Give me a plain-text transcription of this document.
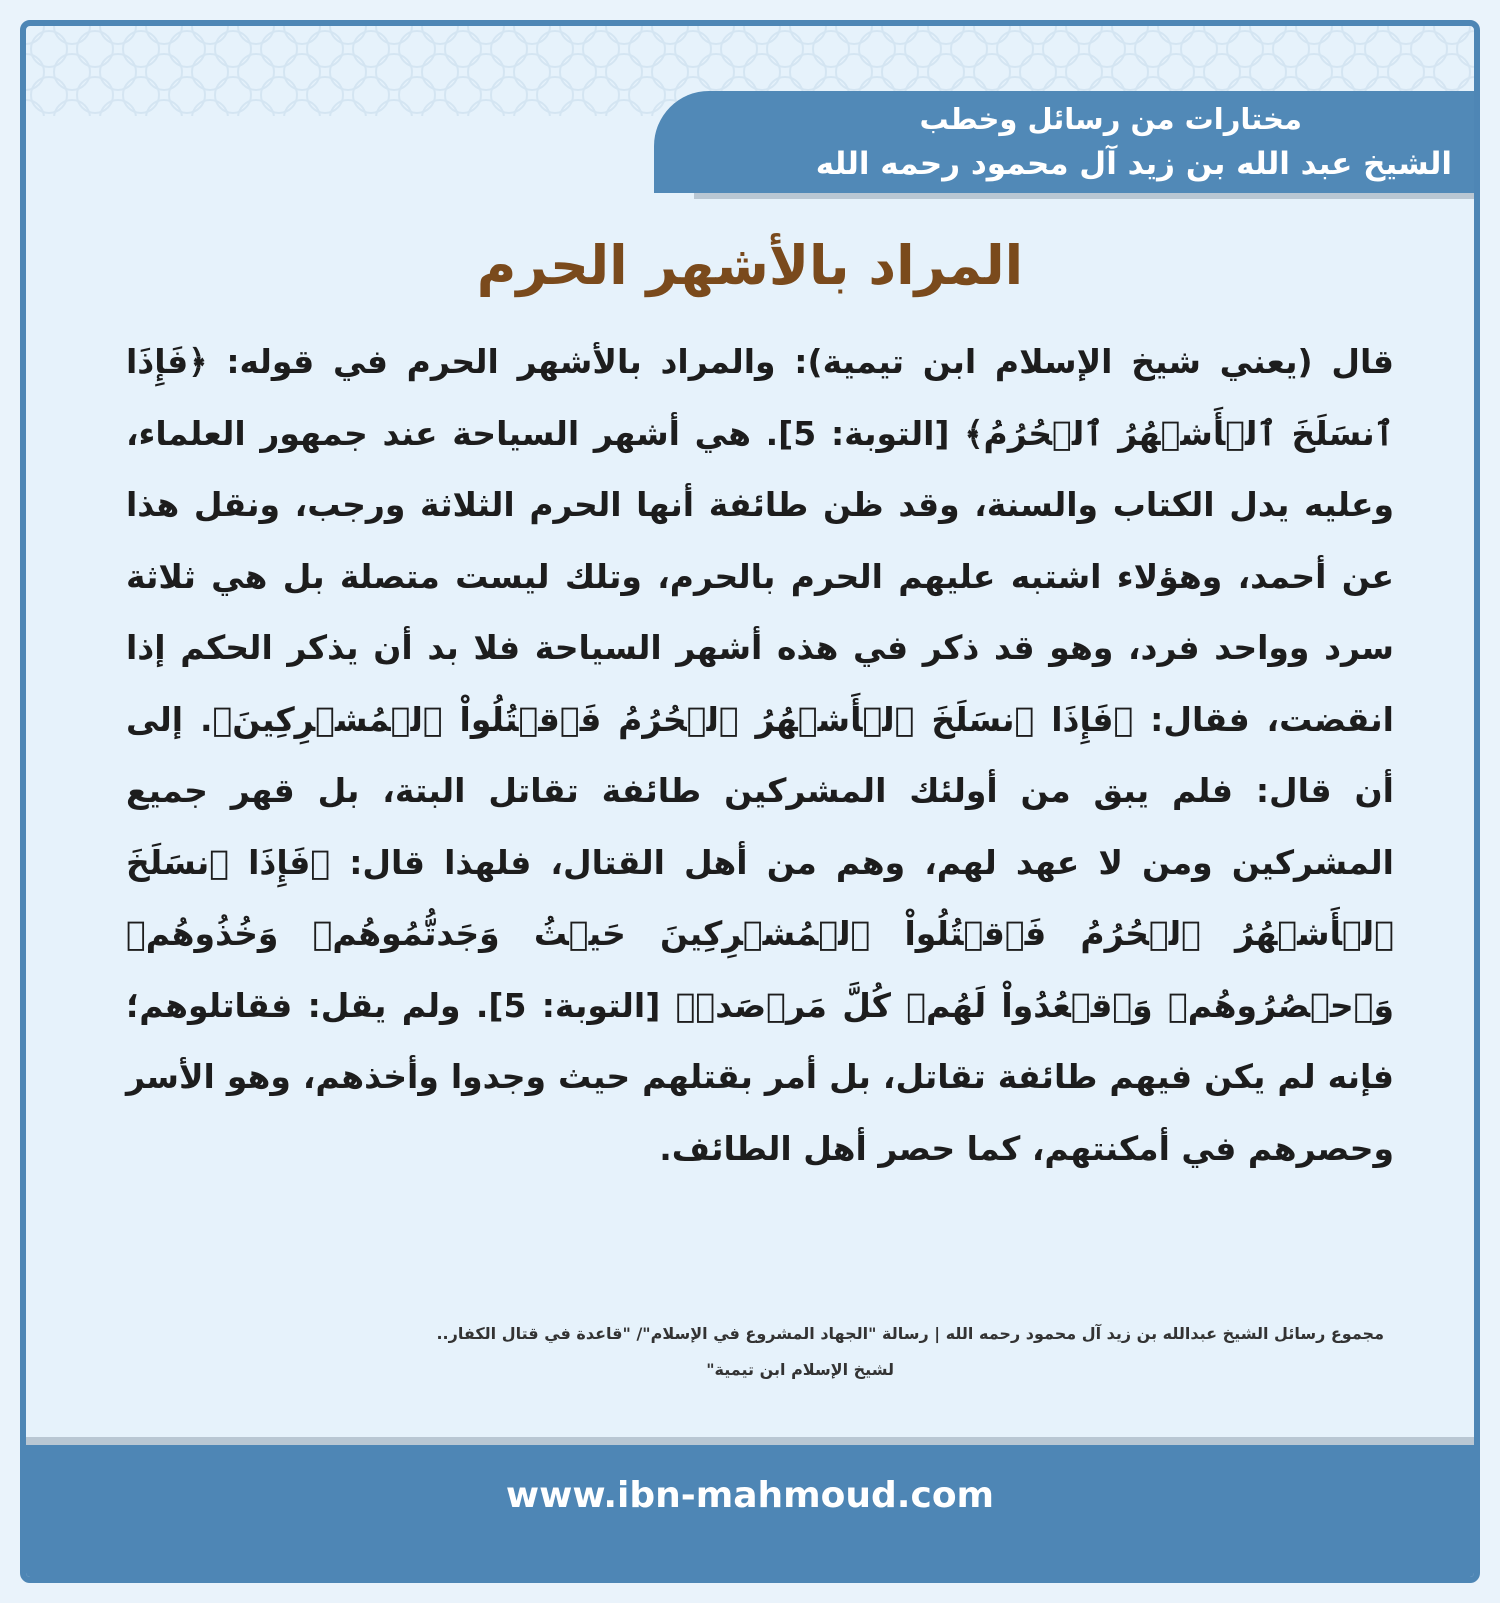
مختارات من رسائل وخطب
الشيخ عبد الله بن زيد آل محمود رحمه الله
المراد بالأشهر الحرم

قال (يعني شيخ الإسلام ابن تيمية): والمراد بالأشهر الحرم في قوله: ﴿فَإِذَا ٱنسَلَخَ ٱلۡأَشۡهُرُ ٱلۡحُرُمُ﴾ [التوبة: 5]. هي أشهر السياحة عند جمهور العلماء، وعليه يدل الكتاب والسنة، وقد ظن طائفة أنها الحرم الثلاثة ورجب، ونقل هذا عن أحمد، وهؤلاء اشتبه عليهم الحرم بالحرم، وتلك ليست متصلة بل هي ثلاثة سرد وواحد فرد، وهو قد ذكر في هذه أشهر السياحة فلا بد أن يذكر الحكم إذا انقضت، فقال: ﴿فَإِذَا ٱنسَلَخَ ٱلۡأَشۡهُرُ ٱلۡحُرُمُ فَٱقۡتُلُواْ ٱلۡمُشۡرِكِينَ﴾. إلى أن قال: فلم يبق من أولئك المشركين طائفة تقاتل البتة، بل قهر جميع المشركين ومن لا عهد لهم، وهم من أهل القتال، فلهذا قال: ﴿فَإِذَا ٱنسَلَخَ ٱلۡأَشۡهُرُ ٱلۡحُرُمُ فَٱقۡتُلُواْ ٱلۡمُشۡرِكِينَ حَيۡثُ وَجَدتُّمُوهُمۡ وَخُذُوهُمۡ وَٱحۡصُرُوهُمۡ وَٱقۡعُدُواْ لَهُمۡ كُلَّ مَرۡصَدٖ﴾ [التوبة: 5]. ولم يقل: فقاتلوهم؛ فإنه لم يكن فيهم طائفة تقاتل، بل أمر بقتلهم حيث وجدوا وأخذهم، وهو الأسر وحصرهم في أمكنتهم، كما حصر أهل الطائف.

مجموع رسائل الشيخ عبدالله بن زيد آل محمود رحمه الله | رسالة "الجهاد المشروع في الإسلام"/ "قاعدة في قتال الكفار..
لشيخ الإسلام ابن تيمية"
www.ibn-mahmoud.com
